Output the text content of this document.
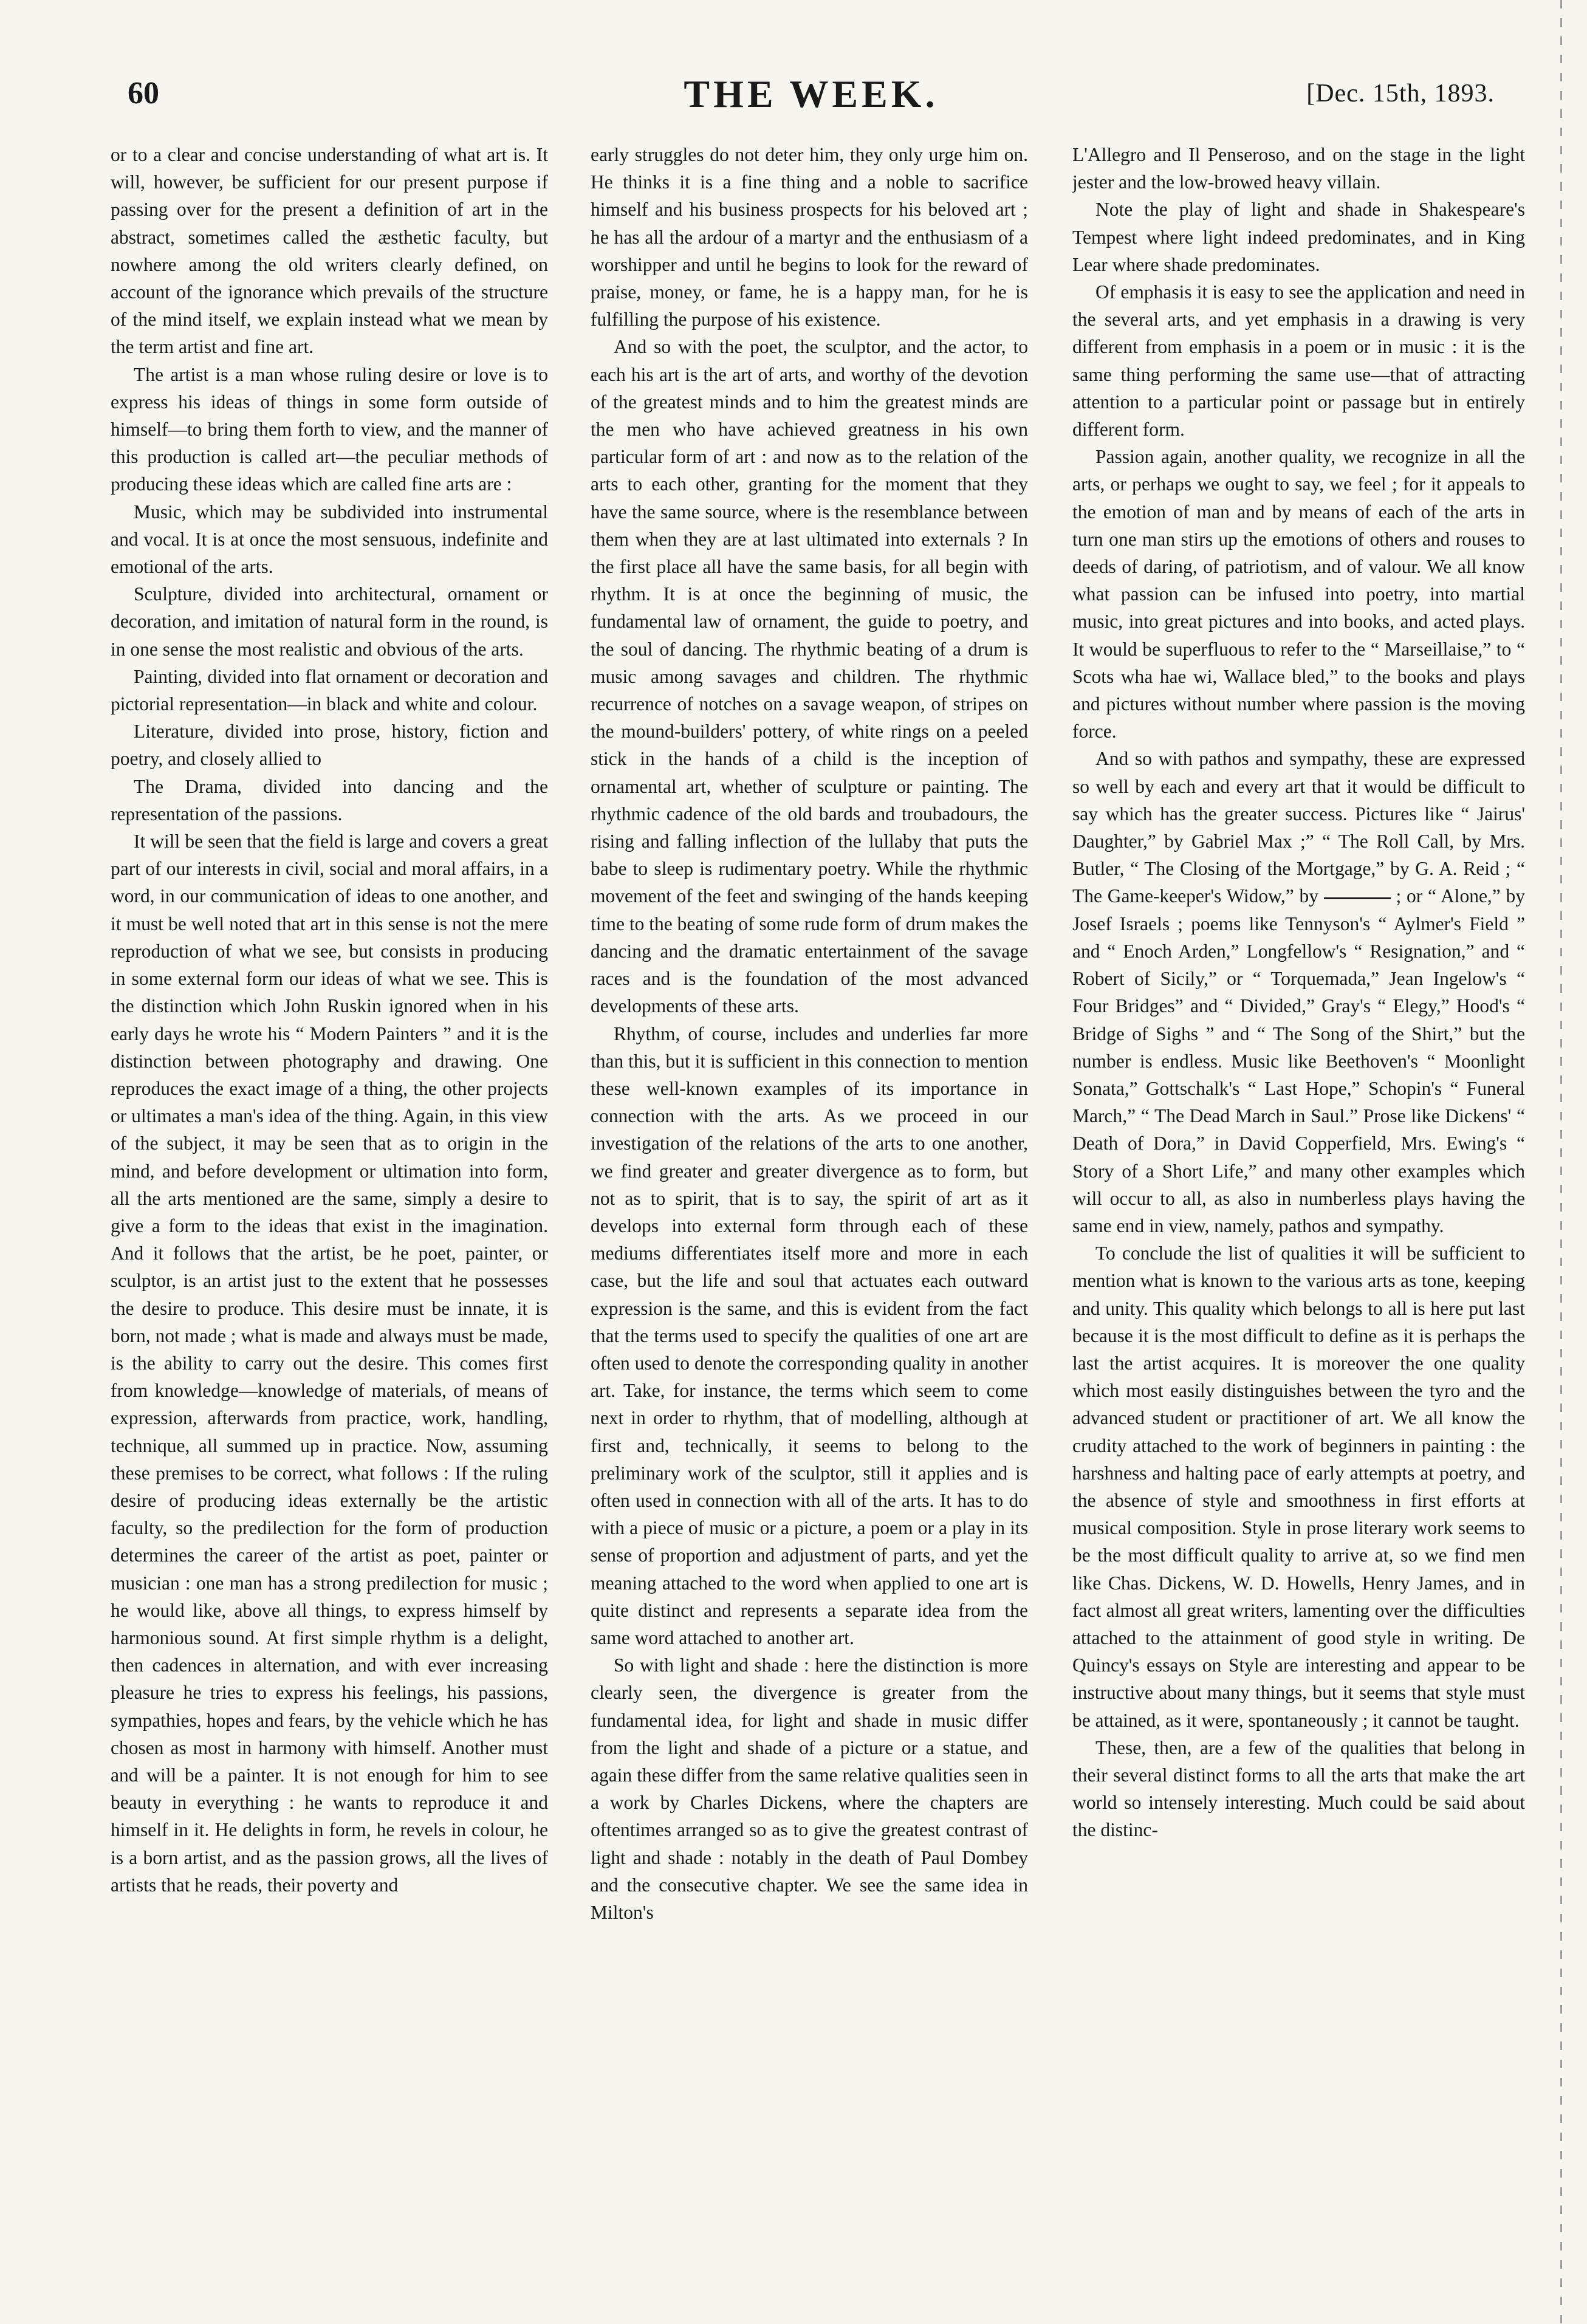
60	THE WEEK.	[Dec. 15th, 1893.

or to a clear and concise understanding of what art is. It will, however, be sufficient for our present purpose if passing over for the present a definition of art in the abstract, sometimes called the æsthetic faculty, but nowhere among the old writers clearly defined, on account of the ignorance which prevails of the structure of the mind itself, we explain instead what we mean by the term artist and fine art.

The artist is a man whose ruling desire or love is to express his ideas of things in some form outside of himself—to bring them forth to view, and the manner of this production is called art—the peculiar methods of producing these ideas which are called fine arts are :

Music, which may be subdivided into instrumental and vocal. It is at once the most sensuous, indefinite and emotional of the arts.

Sculpture, divided into architectural, ornament or decoration, and imitation of natural form in the round, is in one sense the most realistic and obvious of the arts.

Painting, divided into flat ornament or decoration and pictorial representation—in black and white and colour.

Literature, divided into prose, history, fiction and poetry, and closely allied to

The Drama, divided into dancing and the representation of the passions.

It will be seen that the field is large and covers a great part of our interests in civil, social and moral affairs, in a word, in our communication of ideas to one another, and it must be well noted that art in this sense is not the mere reproduction of what we see, but consists in producing in some external form our ideas of what we see. This is the distinction which John Ruskin ignored when in his early days he wrote his “ Modern Painters ” and it is the distinction between photography and drawing. One reproduces the exact image of a thing, the other projects or ultimates a man's idea of the thing. Again, in this view of the subject, it may be seen that as to origin in the mind, and before development or ultimation into form, all the arts mentioned are the same, simply a desire to give a form to the ideas that exist in the imagination. And it follows that the artist, be he poet, painter, or sculptor, is an artist just to the extent that he possesses the desire to produce. This desire must be innate, it is born, not made ; what is made and always must be made, is the ability to carry out the desire. This comes first from knowledge—knowledge of materials, of means of expression, afterwards from practice, work, handling, technique, all summed up in practice. Now, assuming these premises to be correct, what follows : If the ruling desire of producing ideas externally be the artistic faculty, so the predilection for the form of production determines the career of the artist as poet, painter or musician : one man has a strong predilection for music ; he would like, above all things, to express himself by harmonious sound. At first simple rhythm is a delight, then cadences in alternation, and with ever increasing pleasure he tries to express his feelings, his passions, sympathies, hopes and fears, by the vehicle which he has chosen as most in harmony with himself. Another must and will be a painter. It is not enough for him to see beauty in everything : he wants to reproduce it and himself in it. He delights in form, he revels in colour, he is a born artist, and as the passion grows, all the lives of artists that he reads, their poverty and

early struggles do not deter him, they only urge him on. He thinks it is a fine thing and a noble to sacrifice himself and his business prospects for his beloved art ; he has all the ardour of a martyr and the enthusiasm of a worshipper and until he begins to look for the reward of praise, money, or fame, he is a happy man, for he is fulfilling the purpose of his existence.

And so with the poet, the sculptor, and the actor, to each his art is the art of arts, and worthy of the devotion of the greatest minds and to him the greatest minds are the men who have achieved greatness in his own particular form of art : and now as to the relation of the arts to each other, granting for the moment that they have the same source, where is the resemblance between them when they are at last ultimated into externals ? In the first place all have the same basis, for all begin with rhythm. It is at once the beginning of music, the fundamental law of ornament, the guide to poetry, and the soul of dancing. The rhythmic beating of a drum is music among savages and children. The rhythmic recurrence of notches on a savage weapon, of stripes on the mound-builders' pottery, of white rings on a peeled stick in the hands of a child is the inception of ornamental art, whether of sculpture or painting. The rhythmic cadence of the old bards and troubadours, the rising and falling inflection of the lullaby that puts the babe to sleep is rudimentary poetry. While the rhythmic movement of the feet and swinging of the hands keeping time to the beating of some rude form of drum makes the dancing and the dramatic entertainment of the savage races and is the foundation of the most advanced developments of these arts.

Rhythm, of course, includes and underlies far more than this, but it is sufficient in this connection to mention these well-known examples of its importance in connection with the arts. As we proceed in our investigation of the relations of the arts to one another, we find greater and greater divergence as to form, but not as to spirit, that is to say, the spirit of art as it develops into external form through each of these mediums differentiates itself more and more in each case, but the life and soul that actuates each outward expression is the same, and this is evident from the fact that the terms used to specify the qualities of one art are often used to denote the corresponding quality in another art. Take, for instance, the terms which seem to come next in order to rhythm, that of modelling, although at first and, technically, it seems to belong to the preliminary work of the sculptor, still it applies and is often used in connection with all of the arts. It has to do with a piece of music or a picture, a poem or a play in its sense of proportion and adjustment of parts, and yet the meaning attached to the word when applied to one art is quite distinct and represents a separate idea from the same word attached to another art.

So with light and shade : here the distinction is more clearly seen, the divergence is greater from the fundamental idea, for light and shade in music differ from the light and shade of a picture or a statue, and again these differ from the same relative qualities seen in a work by Charles Dickens, where the chapters are oftentimes arranged so as to give the greatest contrast of light and shade : notably in the death of Paul Dombey and the consecutive chapter. We see the same idea in Milton's

L'Allegro and Il Penseroso, and on the stage in the light jester and the low-browed heavy villain.

Note the play of light and shade in Shakespeare's Tempest where light indeed predominates, and in King Lear where shade predominates.

Of emphasis it is easy to see the application and need in the several arts, and yet emphasis in a drawing is very different from emphasis in a poem or in music : it is the same thing performing the same use—that of attracting attention to a particular point or passage but in entirely different form.

Passion again, another quality, we recognize in all the arts, or perhaps we ought to say, we feel ; for it appeals to the emotion of man and by means of each of the arts in turn one man stirs up the emotions of others and rouses to deeds of daring, of patriotism, and of valour. We all know what passion can be infused into poetry, into martial music, into great pictures and into books, and acted plays. It would be superfluous to refer to the “ Marseillaise,” to “ Scots wha hae wi, Wallace bled,” to the books and plays and pictures without number where passion is the moving force.

And so with pathos and sympathy, these are expressed so well by each and every art that it would be difficult to say which has the greater success. Pictures like “ Jairus' Daughter,” by Gabriel Max ;” “ The Roll Call, by Mrs. Butler, “ The Closing of the Mortgage,” by G. A. Reid ; “ The Game-keeper's Widow,” by	; or “ Alone,” by Josef Israels ; poems like Tennyson's “ Aylmer's Field ” and “ Enoch Arden,” Longfellow's “ Resignation,” and “ Robert of Sicily,” or “ Torquemada,” Jean Ingelow's “ Four Bridges” and “ Divided,” Gray's “ Elegy,” Hood's “ Bridge of Sighs ” and “ The Song of the Shirt,” but the number is endless. Music like Beethoven's “ Moonlight Sonata,” Gottschalk's “ Last Hope,” Schopin's “ Funeral March,” “ The Dead March in Saul.” Prose like Dickens' “ Death of Dora,” in David Copperfield, Mrs. Ewing's “ Story of a Short Life,” and many other examples which will occur to all, as also in numberless plays having the same end in view, namely, pathos and sympathy.

To conclude the list of qualities it will be sufficient to mention what is known to the various arts as tone, keeping and unity. This quality which belongs to all is here put last because it is the most difficult to define as it is perhaps the last the artist acquires. It is moreover the one quality which most easily distinguishes between the tyro and the advanced student or practitioner of art. We all know the crudity attached to the work of beginners in painting : the harshness and halting pace of early attempts at poetry, and the absence of style and smoothness in first efforts at musical composition. Style in prose literary work seems to be the most difficult quality to arrive at, so we find men like Chas. Dickens, W. D. Howells, Henry James, and in fact almost all great writers, lamenting over the difficulties attached to the attainment of good style in writing. De Quincy's essays on Style are interesting and appear to be instructive about many things, but it seems that style must be attained, as it were, spontaneously ; it cannot be taught.

These, then, are a few of the qualities that belong in their several distinct forms to all the arts that make the art world so intensely interesting. Much could be said about the distinc-
